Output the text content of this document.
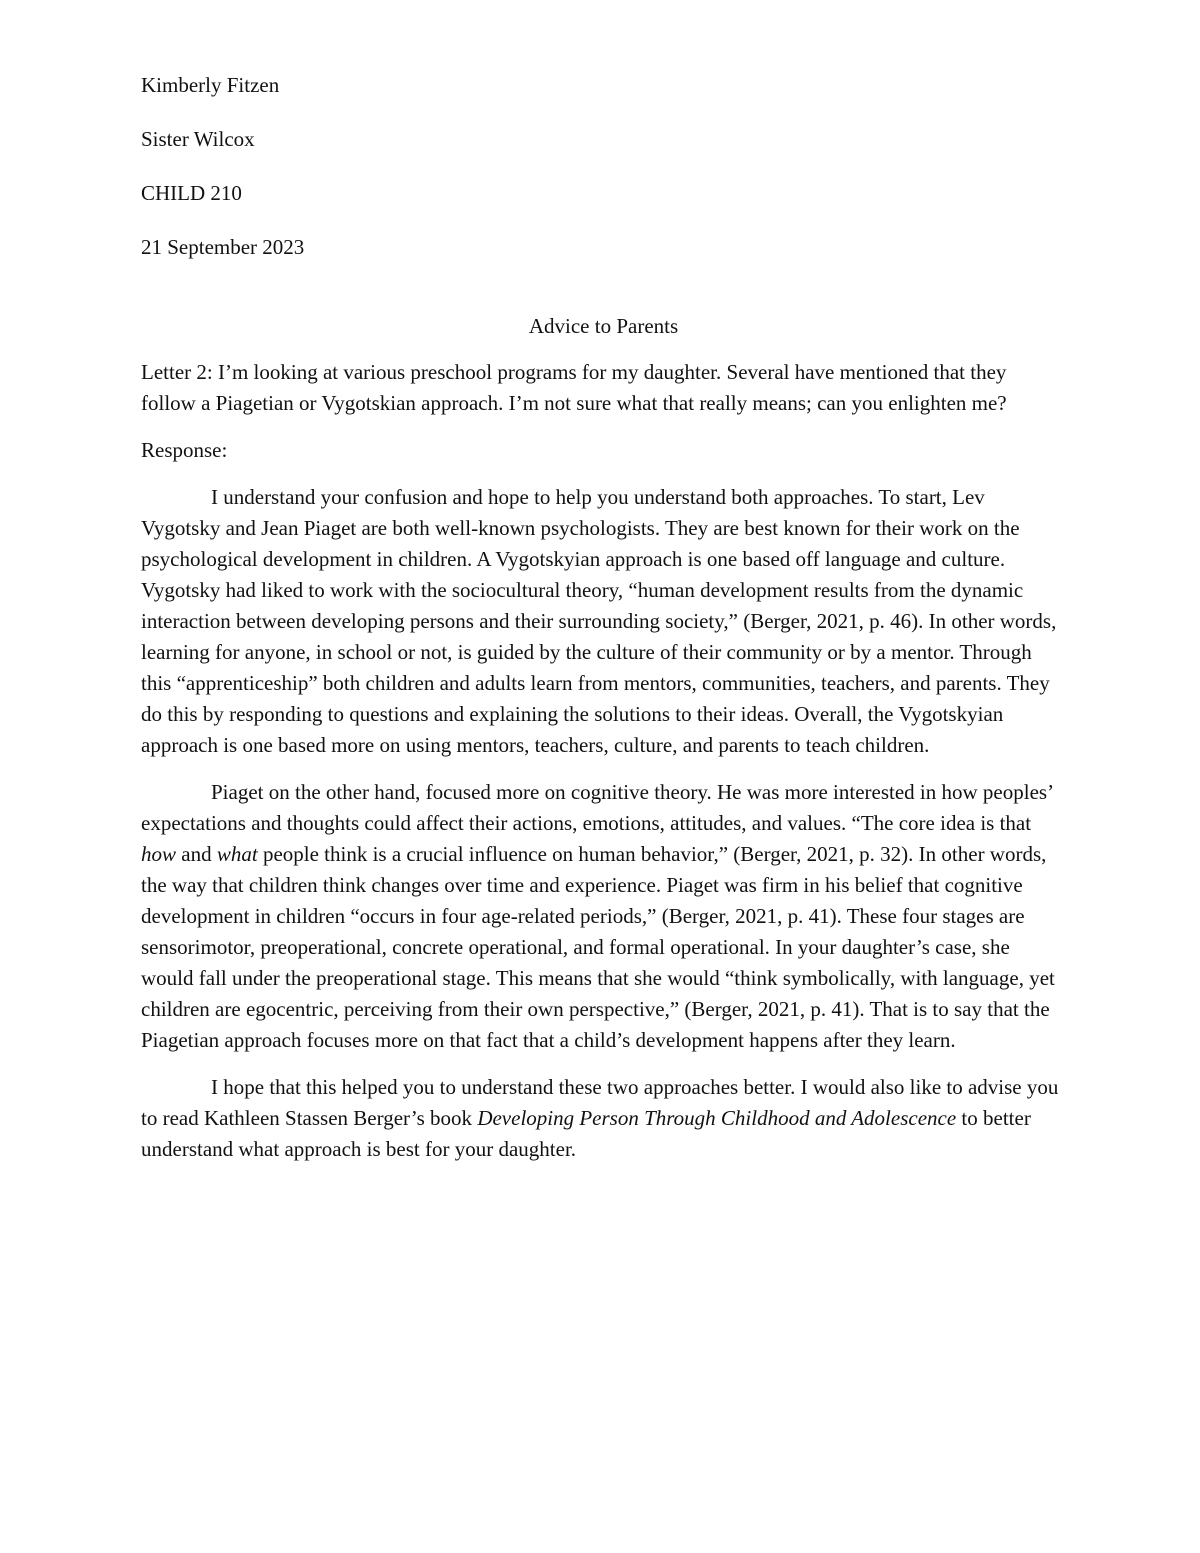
Kimberly Fitzen
Sister Wilcox
CHILD 210
21 September 2023
Advice to Parents

Letter 2: I’m looking at various preschool programs for my daughter. Several have mentioned that they follow a Piagetian or Vygotskian approach. I’m not sure what that really means; can you enlighten me?

Response:

I understand your confusion and hope to help you understand both approaches. To start, Lev Vygotsky and Jean Piaget are both well-known psychologists. They are best known for their work on the psychological development in children. A Vygotskyian approach is one based off language and culture. Vygotsky had liked to work with the sociocultural theory, “human development results from the dynamic interaction between developing persons and their surrounding society,” (Berger, 2021, p. 46). In other words, learning for anyone, in school or not, is guided by the culture of their community or by a mentor. Through this “apprenticeship” both children and adults learn from mentors, communities, teachers, and parents. They do this by responding to questions and explaining the solutions to their ideas. Overall, the Vygotskyian approach is one based more on using mentors, teachers, culture, and parents to teach children.

Piaget on the other hand, focused more on cognitive theory. He was more interested in how peoples’ expectations and thoughts could affect their actions, emotions, attitudes, and values. “The core idea is that how and what people think is a crucial influence on human behavior,” (Berger, 2021, p. 32). In other words, the way that children think changes over time and experience. Piaget was firm in his belief that cognitive development in children “occurs in four age-related periods,” (Berger, 2021, p. 41). These four stages are sensorimotor, preoperational, concrete operational, and formal operational. In your daughter’s case, she would fall under the preoperational stage. This means that she would “think symbolically, with language, yet children are egocentric, perceiving from their own perspective,” (Berger, 2021, p. 41). That is to say that the Piagetian approach focuses more on that fact that a child’s development happens after they learn.

I hope that this helped you to understand these two approaches better. I would also like to advise you to read Kathleen Stassen Berger’s book Developing Person Through Childhood and Adolescence to better understand what approach is best for your daughter.
